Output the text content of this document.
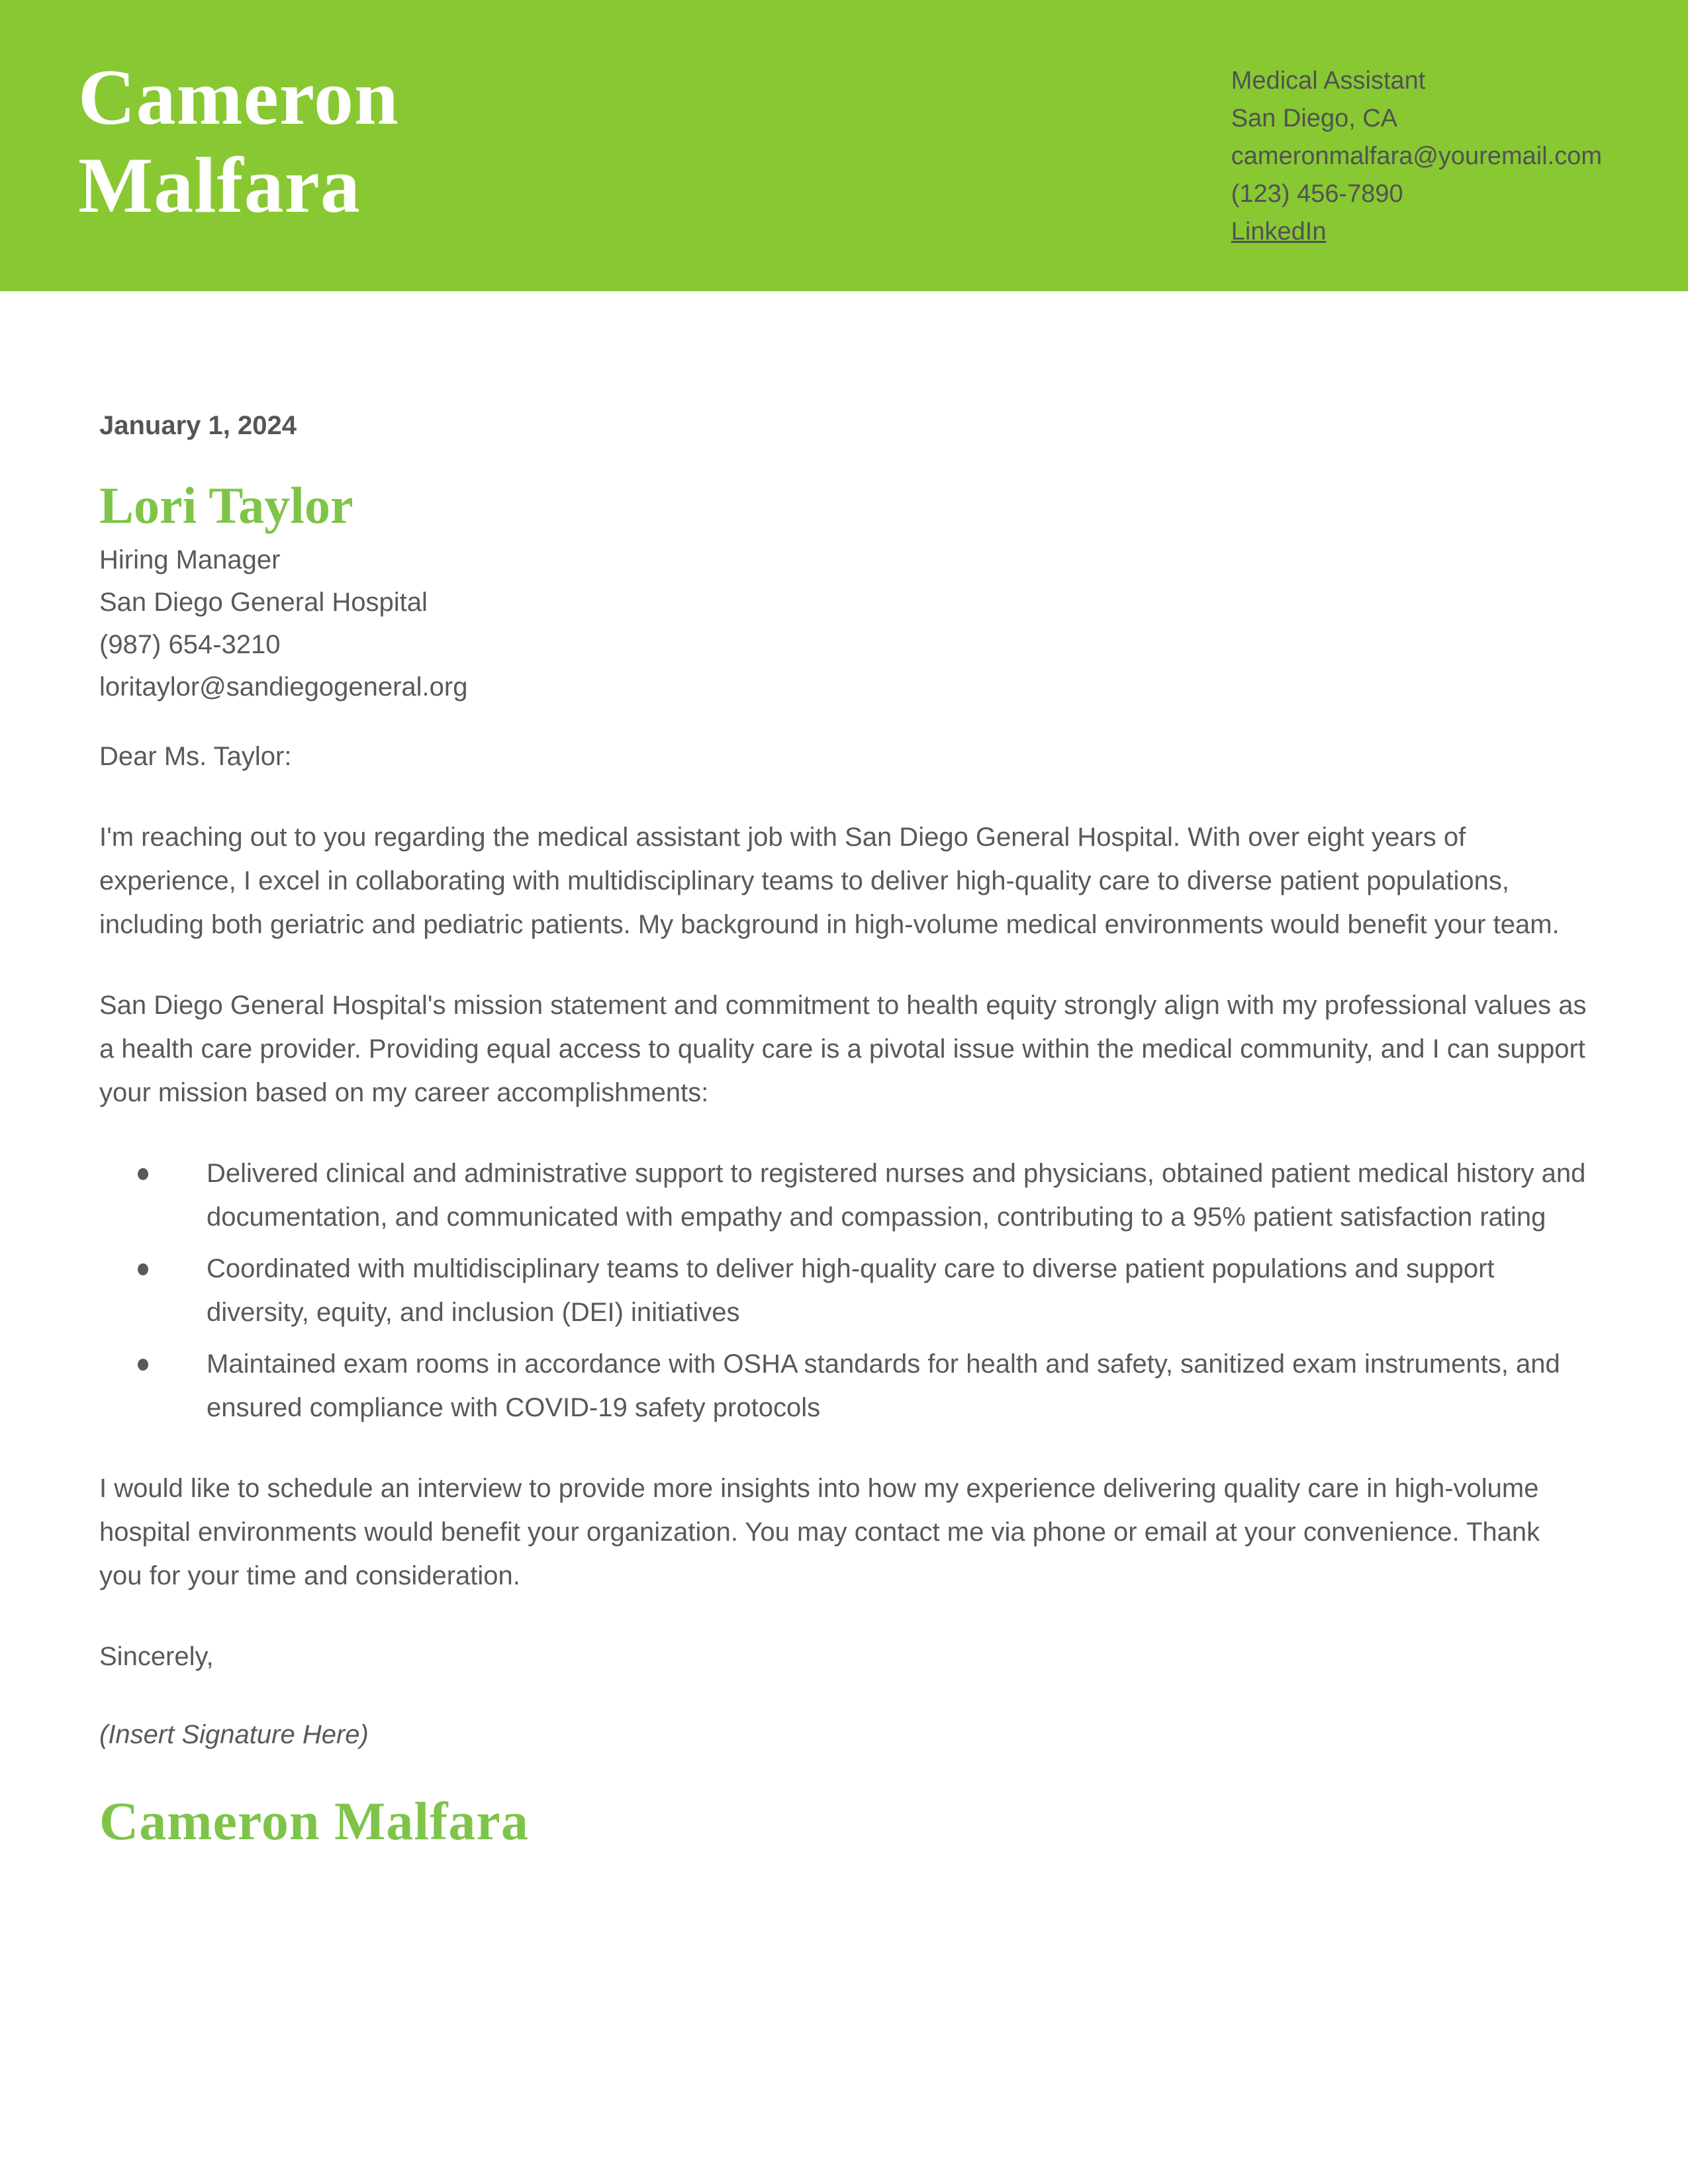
Cameron
Malfara
Medical Assistant
San Diego, CA
cameronmalfara@youremail.com
(123) 456-7890
LinkedIn
January 1, 2024
Lori Taylor
Hiring Manager
San Diego General Hospital
(987) 654-3210
loritaylor@sandiegogeneral.org
Dear Ms. Taylor:

I'm reaching out to you regarding the medical assistant job with San Diego General Hospital. With over eight years of experience, I excel in collaborating with multidisciplinary teams to deliver high-quality care to diverse patient populations, including both geriatric and pediatric patients. My background in high-volume medical environments would benefit your team.

San Diego General Hospital's mission statement and commitment to health equity strongly align with my professional values as a health care provider. Providing equal access to quality care is a pivotal issue within the medical community, and I can support your mission based on my career accomplishments:

Delivered clinical and administrative support to registered nurses and physicians, obtained patient medical history and documentation, and communicated with empathy and compassion, contributing to a 95% patient satisfaction rating
Coordinated with multidisciplinary teams to deliver high-quality care to diverse patient populations and support diversity, equity, and inclusion (DEI) initiatives
Maintained exam rooms in accordance with OSHA standards for health and safety, sanitized exam instruments, and ensured compliance with COVID-19 safety protocols

I would like to schedule an interview to provide more insights into how my experience delivering quality care in high-volume hospital environments would benefit your organization. You may contact me via phone or email at your convenience. Thank you for your time and consideration.

Sincerely,
(Insert Signature Here)
Cameron Malfara
